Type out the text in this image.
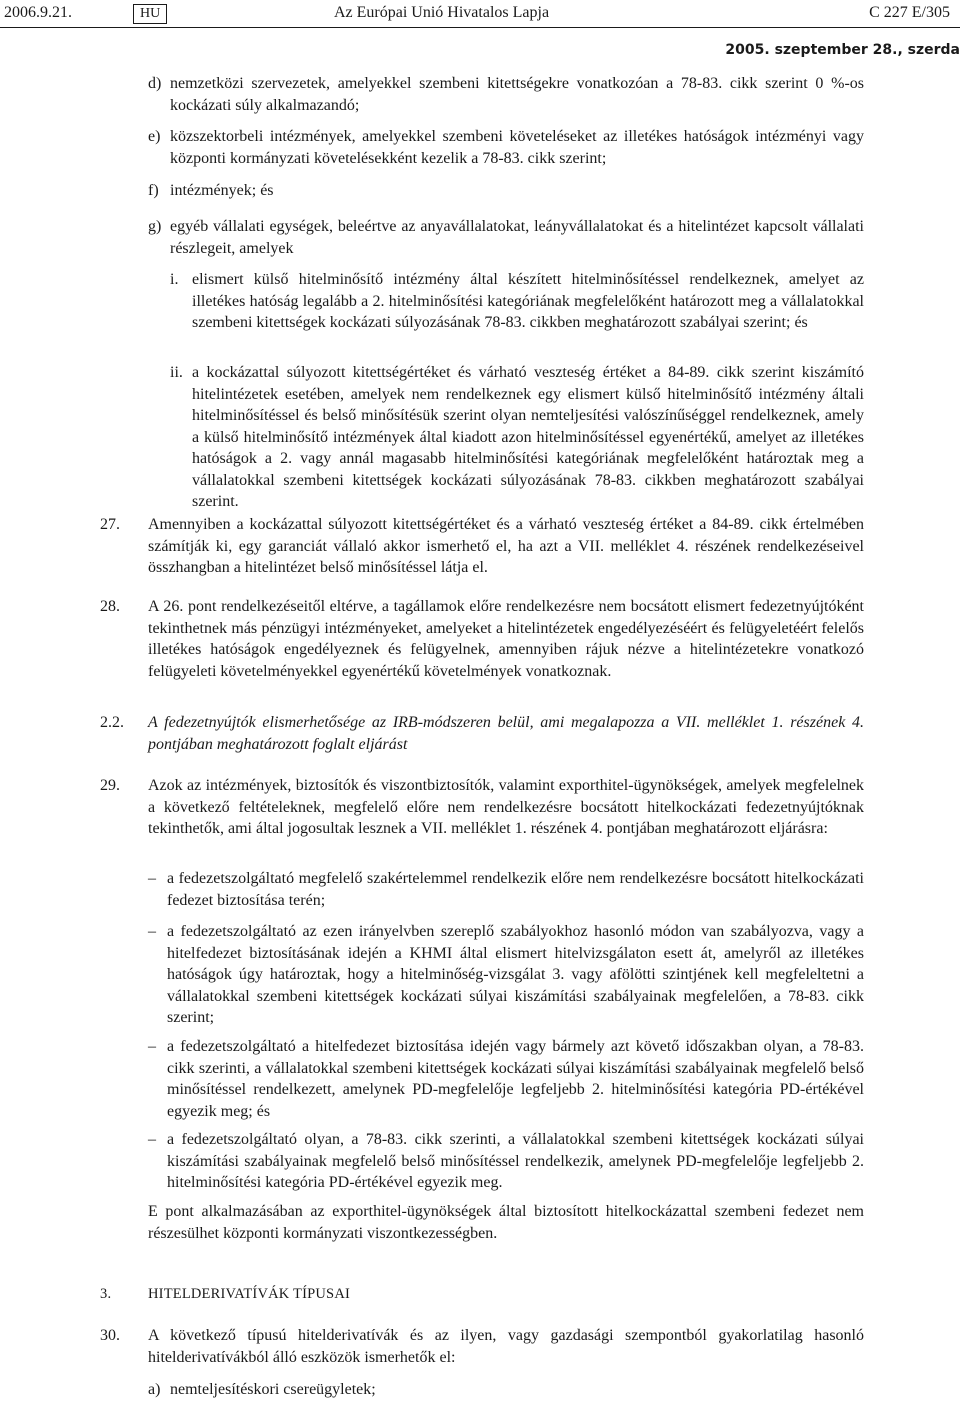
2006.9.21.	HU	Az Európai Unió Hivatalos Lapja	C 227 E/305
2005. szeptember 28., szerda
d) nemzetközi szervezetek, amelyekkel szembeni kitettségekre vonatkozóan a 78-83. cikk szerint 0 %-os kockázati súly alkalmazandó;
e) közszektorbeli intézmények, amelyekkel szembeni követeléseket az illetékes hatóságok intézményi vagy központi kormányzati követelésekként kezelik a 78-83. cikk szerint;
f) intézmények; és
g) egyéb vállalati egységek, beleértve az anyavállalatokat, leányvállalatokat és a hitelintézet kapcsolt vállalati részlegeit, amelyek
i. elismert külső hitelminősítő intézmény által készített hitelminősítéssel rendelkeznek, amelyet az illetékes hatóság legalább a 2. hitelminősítési kategóriának megfelelőként határozott meg a vállalatokkal szembeni kitettségek kockázati súlyozásának 78-83. cikkben meghatározott szabályai szerint; és
ii. a kockázattal súlyozott kitettségértéket és várható veszteség értéket a 84-89. cikk szerint kiszámító hitelintézetek esetében, amelyek nem rendelkeznek egy elismert külső hitelminősítő intézmény általi hitelminősítéssel és belső minősítésük szerint olyan nemteljesítési valószínűséggel rendelkeznek, amely a külső hitelminősítő intézmények által kiadott azon hitelminősítéssel egyenértékű, amelyet az illetékes hatóságok a 2. vagy annál magasabb hitelminősítési kategóriának megfelelőként határoztak meg a vállalatokkal szembeni kitettségek kockázati súlyozásának 78-83. cikkben meghatározott szabályai szerint.
27. Amennyiben a kockázattal súlyozott kitettségértéket és a várható veszteség értéket a 84-89. cikk értelmében számítják ki, egy garanciát vállaló akkor ismerhető el, ha azt a VII. melléklet 4. részének rendelkezéseivel összhangban a hitelintézet belső minősítéssel látja el.
28. A 26. pont rendelkezéseitől eltérve, a tagállamok előre rendelkezésre nem bocsátott elismert fedezetnyújtóként tekinthetnek más pénzügyi intézményeket, amelyeket a hitelintézetek engedélyezéséért és felügyeletéért felelős illetékes hatóságok engedélyeznek és felügyelnek, amennyiben rájuk nézve a hitelintézetekre vonatkozó felügyeleti követelményekkel egyenértékű követelmények vonatkoznak.
2.2. A fedezetnyújtók elismerhetősége az IRB-módszeren belül, ami megalapozza a VII. melléklet 1. részének 4. pontjában meghatározott foglalt eljárást
29. Azok az intézmények, biztosítók és viszontbiztosítók, valamint exporthitel-ügynökségek, amelyek megfelelnek a következő feltételeknek, megfelelő előre nem rendelkezésre bocsátott hitelkockázati fedezetnyújtóknak tekinthetők, ami által jogosultak lesznek a VII. melléklet 1. részének 4. pontjában meghatározott eljárásra:
– a fedezetszolgáltató megfelelő szakértelemmel rendelkezik előre nem rendelkezésre bocsátott hitelkockázati fedezet biztosítása terén;
– a fedezetszolgáltató az ezen irányelvben szereplő szabályokhoz hasonló módon van szabályozva, vagy a hitelfedezet biztosításának idején a KHMI által elismert hitelvizsgálaton esett át, amelyről az illetékes hatóságok úgy határoztak, hogy a hitelminőség-vizsgálat 3. vagy afölötti szintjének kell megfeleltetni a vállalatokkal szembeni kitettségek kockázati súlyai kiszámítási szabályainak megfelelően, a 78-83. cikk szerint;
– a fedezetszolgáltató a hitelfedezet biztosítása idején vagy bármely azt követő időszakban olyan, a 78-83. cikk szerinti, a vállalatokkal szembeni kitettségek kockázati súlyai kiszámítási szabályainak megfelelő belső minősítéssel rendelkezett, amelynek PD-megfelelője legfeljebb 2. hitelminősítési kategória PD-értékével egyezik meg; és
– a fedezetszolgáltató olyan, a 78-83. cikk szerinti, a vállalatokkal szembeni kitettségek kockázati súlyai kiszámítási szabályainak megfelelő belső minősítéssel rendelkezik, amelynek PD-megfelelője legfeljebb 2. hitelminősítési kategória PD-értékével egyezik meg.
E pont alkalmazásában az exporthitel-ügynökségek által biztosított hitelkockázattal szembeni fedezet nem részesülhet központi kormányzati viszontkezességben.
3.	HITELDERIVATÍVÁK TÍPUSAI
30. A következő típusú hitelderivatívák és az ilyen, vagy gazdasági szempontból gyakorlatilag hasonló hitelderivatívákból álló eszközök ismerhetők el:
a) nemteljesítéskori csereügyletek;
